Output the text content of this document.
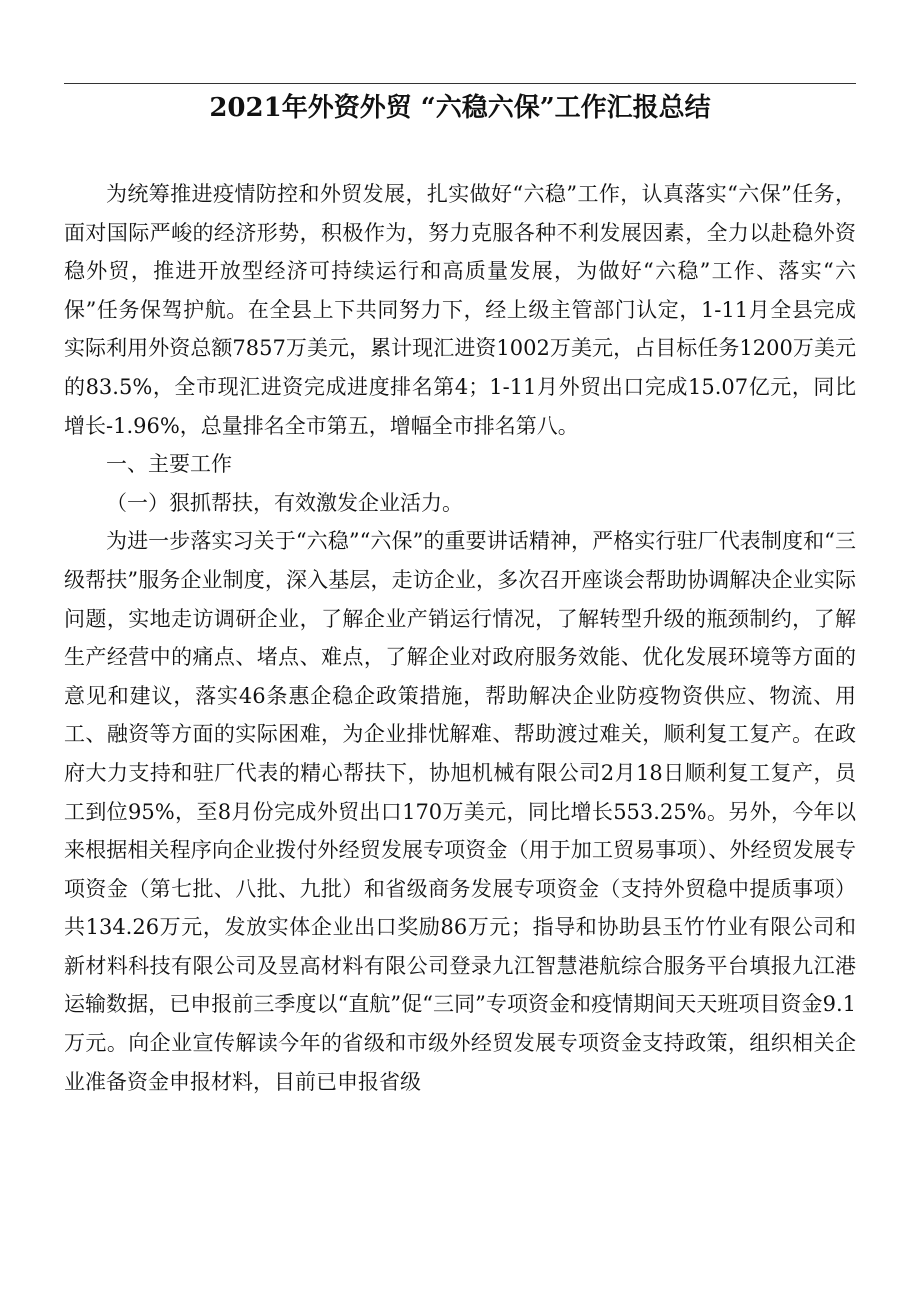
2021年外资外贸 “六稳六保”工作汇报总结

为统筹推进疫情防控和外贸发展，扎实做好“六稳”工作，认真落实“六保”任务，面对国际严峻的经济形势，积极作为，努力克服各种不利发展因素，全力以赴稳外资稳外贸，推进开放型经济可持续运行和高质量发展，为做好“六稳”工作、落实“六保”任务保驾护航。在全县上下共同努力下，经上级主管部门认定，1-11月全县完成实际利用外资总额7857万美元，累计现汇进资1002万美元，占目标任务1200万美元的83.5%，全市现汇进资完成进度排名第4；1-11月外贸出口完成15.07亿元，同比增长-1.96%，总量排名全市第五，增幅全市排名第八。

一、主要工作

（一）狠抓帮扶，有效激发企业活力。

为进一步落实习关于“六稳”“六保”的重要讲话精神，严格实行驻厂代表制度和“三级帮扶”服务企业制度，深入基层，走访企业，多次召开座谈会帮助协调解决企业实际问题，实地走访调研企业，了解企业产销运行情况，了解转型升级的瓶颈制约，了解生产经营中的痛点、堵点、难点，了解企业对政府服务效能、优化发展环境等方面的意见和建议，落实46条惠企稳企政策措施，帮助解决企业防疫物资供应、物流、用工、融资等方面的实际困难，为企业排忧解难、帮助渡过难关，顺利复工复产。在政府大力支持和驻厂代表的精心帮扶下，协旭机械有限公司2月18日顺利复工复产，员工到位95%，至8月份完成外贸出口170万美元，同比增长553.25%。另外，今年以来根据相关程序向企业拨付外经贸发展专项资金（用于加工贸易事项）、外经贸发展专项资金（第七批、八批、九批）和省级商务发展专项资金（支持外贸稳中提质事项）共134.26万元，发放实体企业出口奖励86万元；指导和协助县玉竹竹业有限公司和新材料科技有限公司及昱高材料有限公司登录九江智慧港航综合服务平台填报九江港运输数据，已申报前三季度以“直航”促“三同”专项资金和疫情期间天天班项目资金9.1万元。向企业宣传解读今年的省级和市级外经贸发展专项资金支持政策，组织相关企业准备资金申报材料，目前已申报省级
